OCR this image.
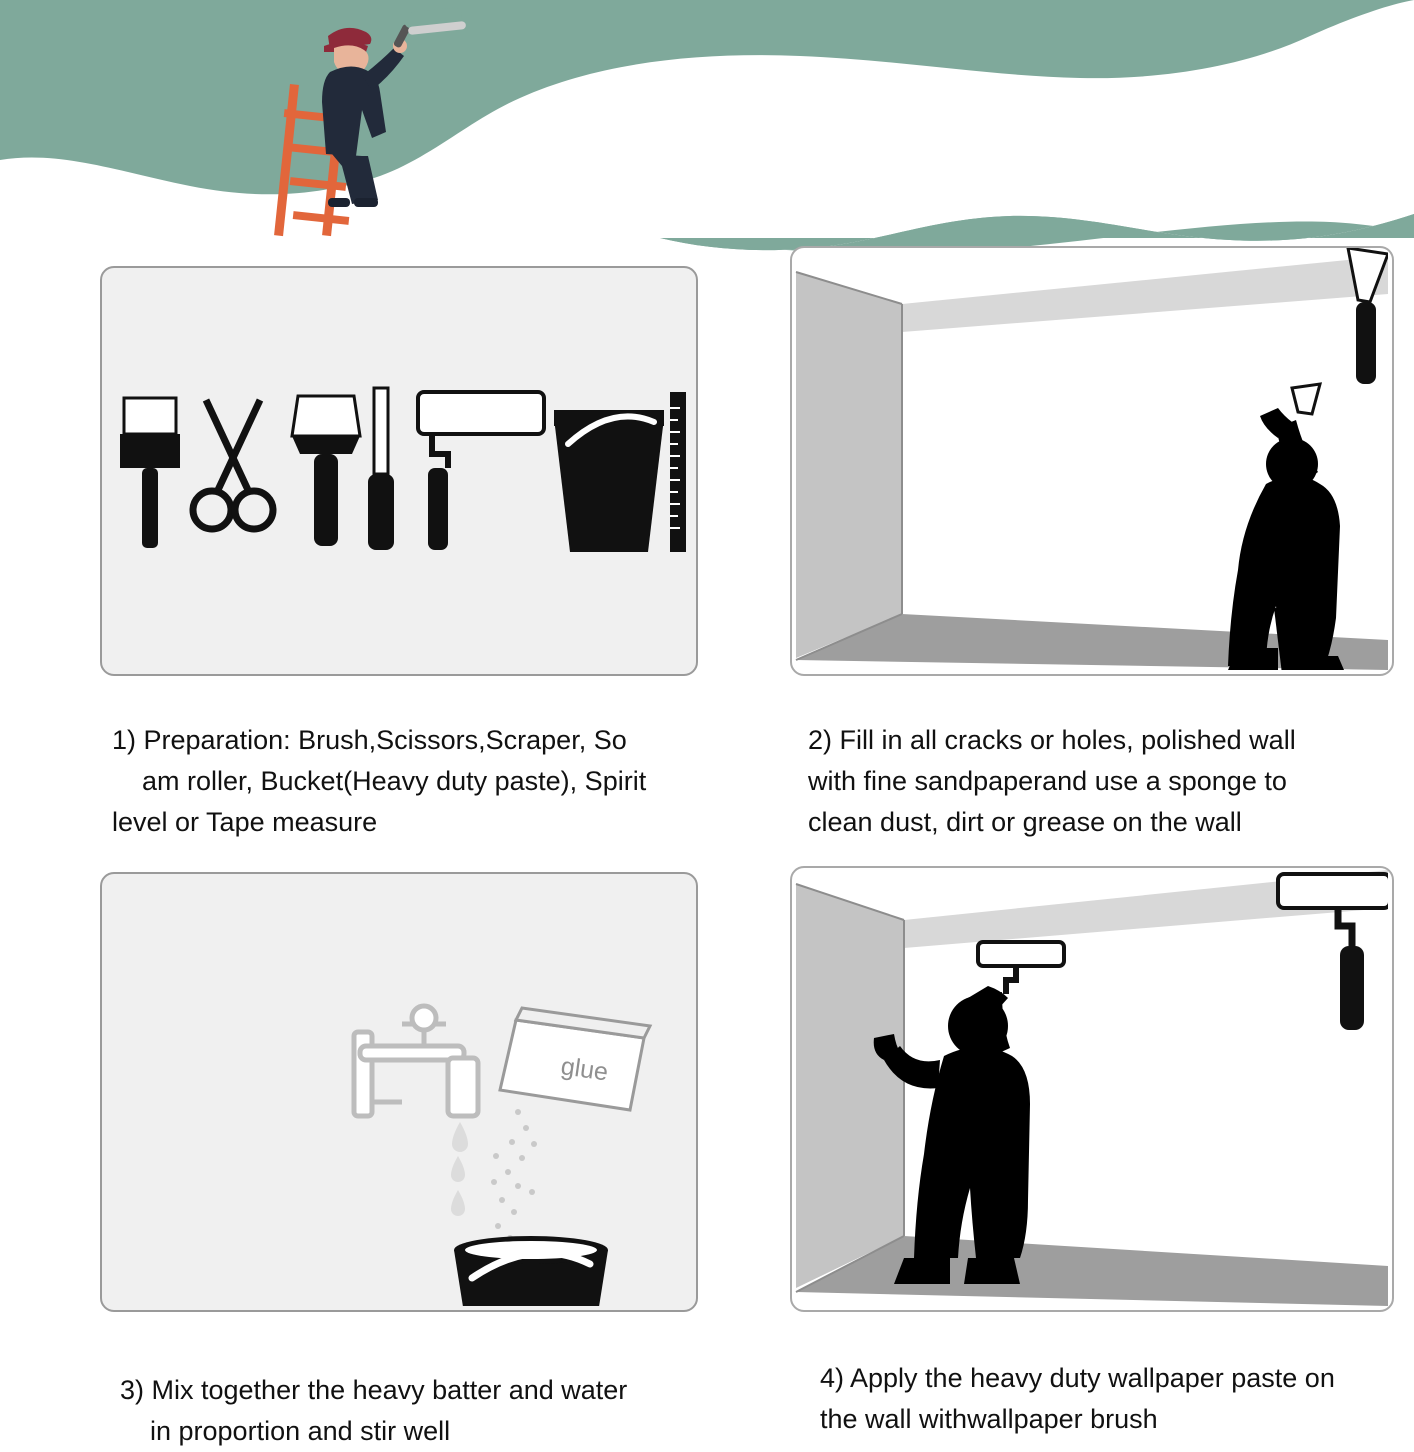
Installation steps
glue
1) Preparation: Brush,Scissors,Scraper, So
am roller, Bucket(Heavy duty paste), Spirit
level or Tape measure
2) Fill in all cracks or holes, polished wall
with fine sandpaperand use a sponge to
clean dust, dirt or grease on the wall
3) Mix together the heavy batter and water
in proportion and stir well
4) Apply the heavy duty wallpaper paste on
the wall withwallpaper brush
